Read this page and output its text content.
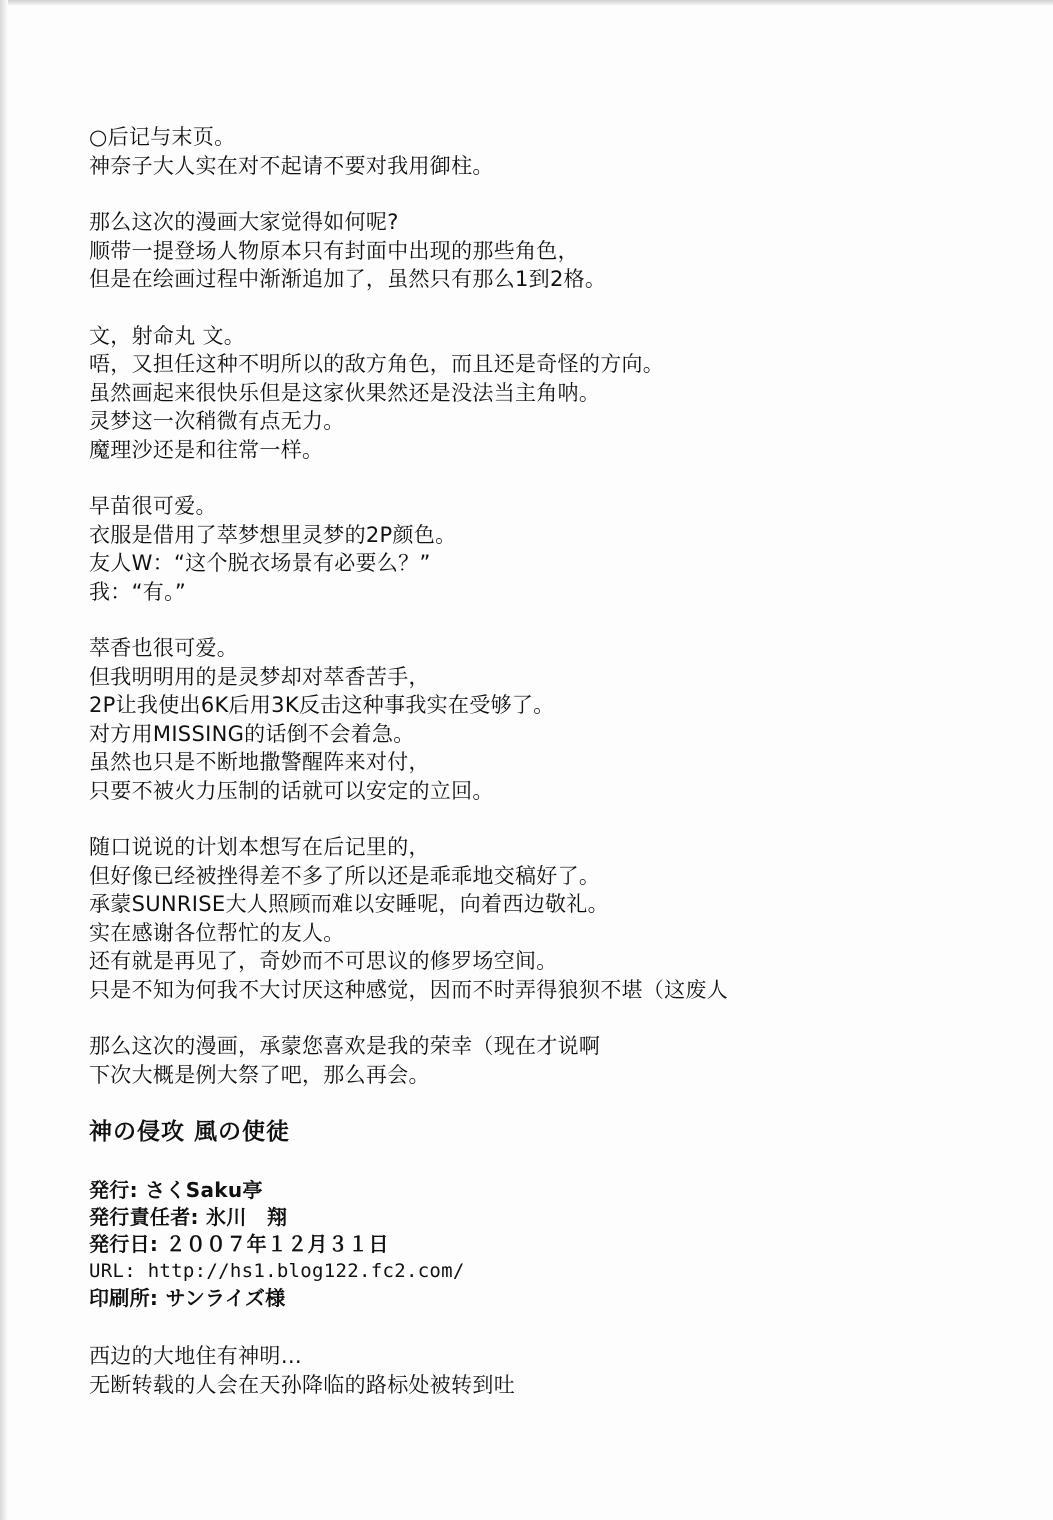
○后记与末页。
神奈子大人实在对不起请不要对我用御柱。
那么这次的漫画大家觉得如何呢?
顺带一提登场人物原本只有封面中出现的那些角色，
但是在绘画过程中渐渐追加了，虽然只有那么1到2格。
文，射命丸 文。
唔，又担任这种不明所以的敌方角色，而且还是奇怪的方向。
虽然画起来很快乐但是这家伙果然还是没法当主角呐。
灵梦这一次稍微有点无力。
魔理沙还是和往常一样。
早苗很可爱。
衣服是借用了萃梦想里灵梦的2P颜色。
友人W：“这个脱衣场景有必要么？”
我：“有。”
萃香也很可爱。
但我明明用的是灵梦却对萃香苦手，
2P让我使出6K后用3K反击这种事我实在受够了。
对方用MISSING的话倒不会着急。
虽然也只是不断地撒警醒阵来对付，
只要不被火力压制的话就可以安定的立回。
随口说说的计划本想写在后记里的，
但好像已经被挫得差不多了所以还是乖乖地交稿好了。
承蒙SUNRISE大人照顾而难以安睡呢，向着西边敬礼。
实在感谢各位帮忙的友人。
还有就是再见了，奇妙而不可思议的修罗场空间。
只是不知为何我不大讨厌这种感觉，因而不时弄得狼狈不堪（这废人
那么这次的漫画，承蒙您喜欢是我的荣幸（现在才说啊
下次大概是例大祭了吧，那么再会。
神の侵攻 風の使徒
発行: さくSaku亭
発行責任者: 氷川　翔
発行日: ２００７年１２月３１日
URL: http://hs1.blog122.fc2.com/
印刷所: サンライズ様
西边的大地住有神明…
无断转载的人会在天孙降临的路标处被转到吐
